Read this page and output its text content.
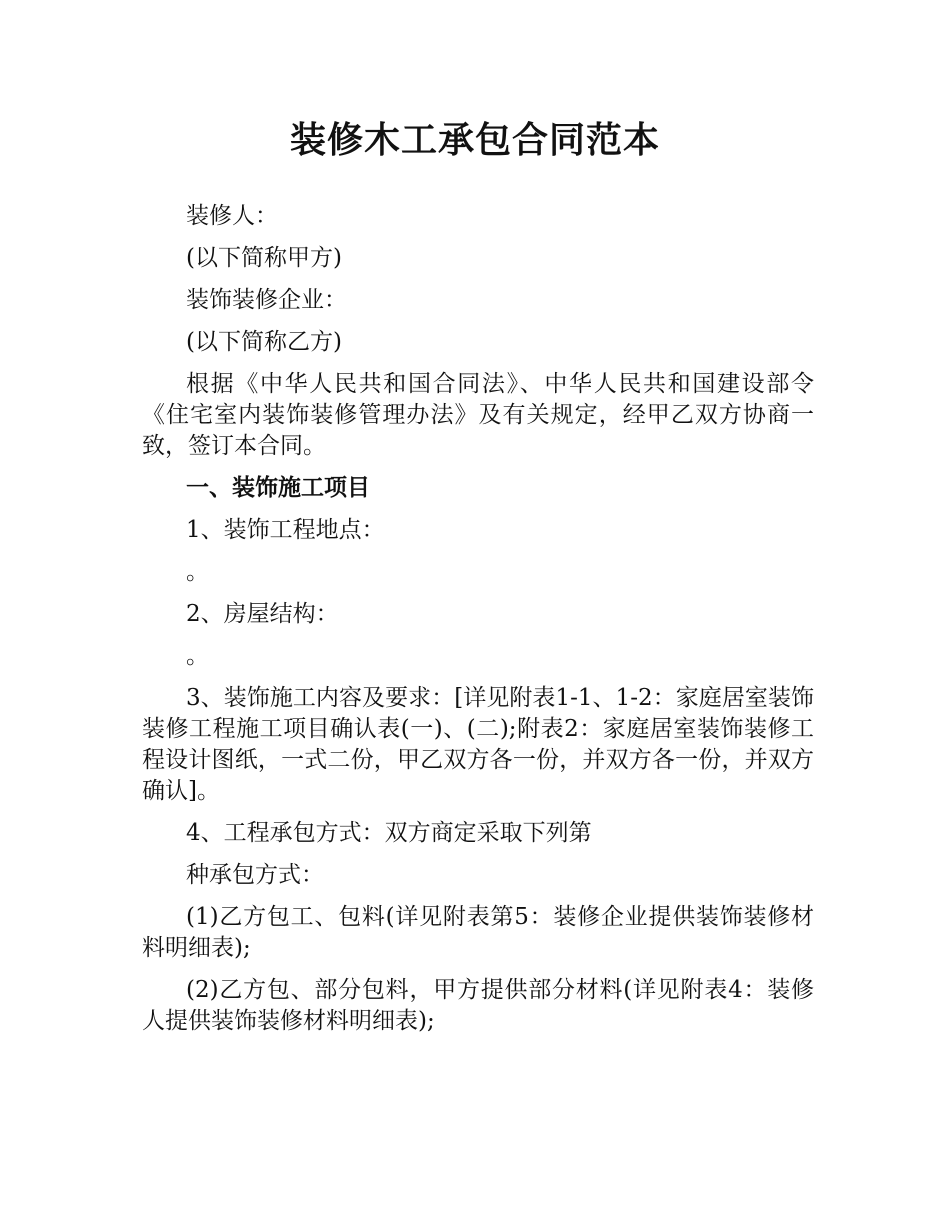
装修木工承包合同范本

装修人：

(以下简称甲方)

装饰装修企业：

(以下简称乙方)

根据《中华人民共和国合同法》、中华人民共和国建设部令《住宅室内装饰装修管理办法》及有关规定，经甲乙双方协商一致，签订本合同。

一、装饰施工项目

1、装饰工程地点：

。

2、房屋结构：

。

3、装饰施工内容及要求：[详见附表1-1、1-2：家庭居室装饰装修工程施工项目确认表(一)、(二);附表2：家庭居室装饰装修工程设计图纸，一式二份，甲乙双方各一份，并双方各一份，并双方确认]。

4、工程承包方式：双方商定采取下列第

种承包方式：

(1)乙方包工、包料(详见附表第5：装修企业提供装饰装修材料明细表);

(2)乙方包、部分包料，甲方提供部分材料(详见附表4：装修人提供装饰装修材料明细表);
